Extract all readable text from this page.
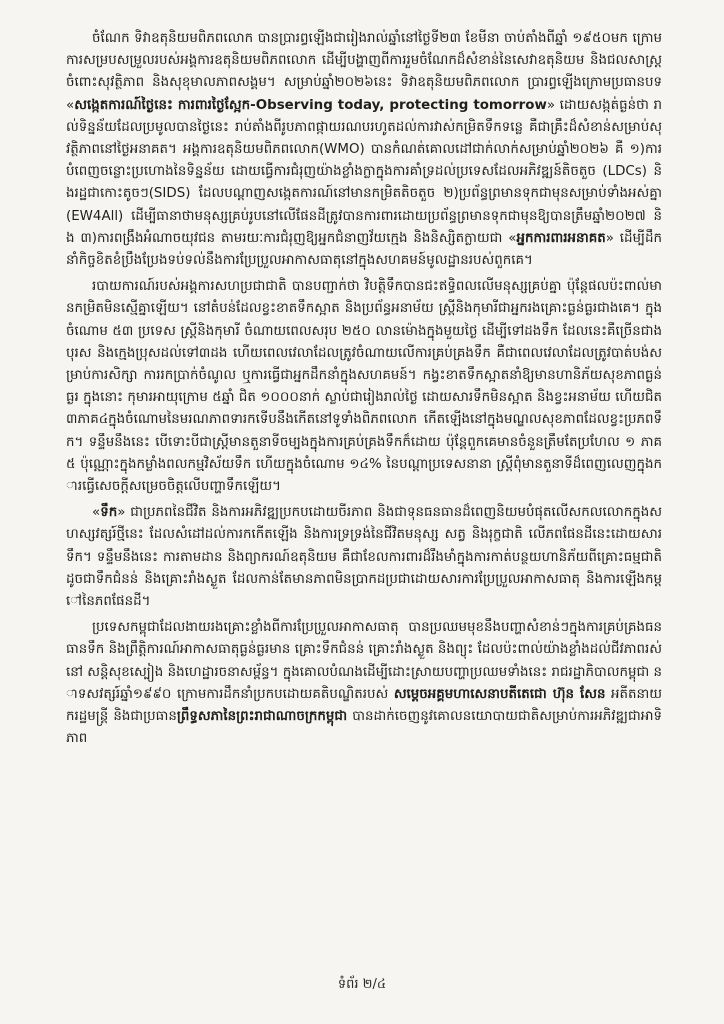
ចំណែក ទិវាឧតុនិយមពិភពលោក បានប្រារព្ធឡើងជារៀងរាល់ឆ្នាំនៅថ្ងៃទី២៣ ខែមីនា ចាប់តាំងពីឆ្នាំ ១៩៥០មក ក្រោមការសម្របសម្រួលរបស់អង្គការឧតុនិយមពិភពលោក ដើម្បីបង្ហាញពីការរួមចំណែកដ៏សំខាន់នៃសេវាឧតុនិយម និងជលសាស្ត្រ ចំពោះសុវត្ថិភាព និងសុខុមាលភាពសង្គម។ សម្រាប់ឆ្នាំ២០២៦នេះ ទិវាឧតុនិយមពិភពលោក ប្រារព្ធឡើងក្រោមប្រធានបទ «សង្កេតការណ៍ថ្ងៃនេះ ការពារថ្ងៃស្អែក-Observing today, protecting tomorrow» ដោយសង្កត់ធ្ងន់ថា រាល់ទិន្នន័យដែលប្រមូលបានថ្ងៃនេះ រាប់តាំងពីរូបភាពផ្កាយរណបរហូតដល់ការវាស់កម្រិតទឹកទន្លេ គឺជាគ្រឹះដ៏សំខាន់សម្រាប់សុវត្ថិភាពនៅថ្ងៃអនាគត។ អង្គការឧតុនិយមពិភពលោក(WMO) បានកំណត់គោលដៅជាក់លាក់សម្រាប់ឆ្នាំ២០២៦ គឺ ១)ការបំពេញចន្លោះប្រហោងនៃទិន្នន័យ ដោយធ្វើការជំរុញយ៉ាងខ្លាំងក្លាក្នុងការគាំទ្រដល់ប្រទេសដែលអភិវឌ្ឍន៍តិចតួច (LDCs) និងរដ្ឋជាកោះតូចៗ(SIDS) ដែលបណ្តាញសង្កេតការណ៍នៅមានកម្រិតតិចតួច ២)ប្រព័ន្ធព្រមានទុកជាមុនសម្រាប់ទាំងអស់គ្នា(EW4All) ដើម្បីធានាថាមនុស្សគ្រប់រូបនៅលើផែនដីត្រូវបានការពារដោយប្រព័ន្ធព្រមានទុកជាមុនឱ្យបានត្រឹមឆ្នាំ២០២៧ និង ៣)ការពង្រឹងអំណាចយុវជន តាមរយៈការជំរុញឱ្យអ្នកជំនាញវ័យក្មេង និងនិស្សិតក្លាយជា «អ្នកការពារអនាគត» ដើម្បីដឹកនាំកិច្ចខិតខំប្រឹងប្រែងទប់ទល់នឹងការប្រែប្រួលអាកាសធាតុនៅក្នុងសហគមន៍មូលដ្ឋានរបស់ពួកគេ។

របាយការណ៍របស់អង្គការសហប្រជាជាតិ បានបញ្ជាក់ថា វិបត្តិទឹកបានជះឥទ្ធិពលលើមនុស្សគ្រប់គ្នា ប៉ុន្តែផលប៉ះពាល់មានកម្រិតមិនស្មើគ្នាឡើយ។ នៅតំបន់ដែលខ្វះខាតទឹកស្អាត និងប្រព័ន្ធអនាម័យ ស្ត្រីនិងកុមារីជាអ្នករងគ្រោះធ្ងន់ធ្ងរជាងគេ។ ក្នុងចំណោម ៥៣ ប្រទេស ស្ត្រីនិងកុមារី ចំណាយពេលសរុប ២៥០ លានម៉ោងក្នុងមួយថ្ងៃ ដើម្បីទៅដងទឹក ដែលនេះគឺច្រើនជាងបុរស និងក្មេងប្រុសដល់ទៅ៣ដង ហើយពេលវេលាដែលត្រូវចំណាយលើការគ្រប់គ្រងទឹក គឺជាពេលវេលាដែលត្រូវបាត់បង់សម្រាប់ការសិក្សា ការរកប្រាក់ចំណូល ឬការធ្វើជាអ្នកដឹកនាំក្នុងសហគមន៍។ កង្វះខាតទឹកស្អាតនាំឱ្យមានហានិភ័យសុខភាពធ្ងន់ធ្ងរ ក្នុងនោះ កុមារអាយុក្រោម ៥ឆ្នាំ ជិត ១០០០នាក់ ស្លាប់ជារៀងរាល់ថ្ងៃ ដោយសារទឹកមិនស្អាត និងខ្វះអនាម័យ ហើយជិត ៣ភាគ៤ក្នុងចំណោមនៃមរណភាពទារកទើបនឹងកើតនៅទូទាំងពិភពលោក កើតឡើងនៅក្នុងមណ្ឌលសុខភាពដែលខ្វះប្រភពទឹក។ ទន្ទឹមនឹងនេះ បើទោះបីជាស្ត្រីមានតួនាទីចម្បងក្នុងការគ្រប់គ្រងទឹកក៏ដោយ ប៉ុន្តែពួកគេមានចំនួនត្រឹមតែប្រហែល ១ ភាគ ៥ ប៉ុណ្ណោះក្នុងកម្លាំងពលកម្មវិស័យទឹក ហើយក្នុងចំណោម ១៤% នៃបណ្តាប្រទេសនានា ស្ត្រីពុំមានតួនាទីដ៏ពេញលេញក្នុងការធ្វើសេចក្តីសម្រេចចិត្តលើបញ្ហាទឹកឡើយ។

«ទឹក» ជាប្រភពនៃជីវិត និងការអភិវឌ្ឍប្រកបដោយចីរភាព និងជាទុនធនធានដ៏ពេញនិយមបំផុតលើសកលលោកក្នុងសហស្សវត្សរ៍ថ្មីនេះ ដែលសំដៅដល់ការកកើតឡើង និងការទ្រទ្រង់នៃជីវិតមនុស្ស សត្វ និងរុក្ខជាតិ លើភពផែនដីនេះដោយសារទឹក។ ទន្ទឹមនឹងនេះ ការតាមដាន និងព្យាករណ៍ឧតុនិយម គឺជាខែលការពារដ៏រឹងមាំក្នុងការកាត់បន្ថយហានិភ័យពីគ្រោះធម្មជាតិ ដូចជាទឹកជំនន់ និងគ្រោះរាំងស្ងួត ដែលកាន់តែមានភាពមិនប្រាកដប្រជាដោយសារការប្រែប្រួលអាកាសធាតុ និងការឡើងកម្តៅនៃភពផែនដី។

ប្រទេសកម្ពុជាដែលងាយរងគ្រោះខ្លាំងពីការប្រែប្រួលអាកាសធាតុ បានប្រឈមមុខនឹងបញ្ហាសំខាន់ៗក្នុងការគ្រប់គ្រងធនធានទឹក និងព្រឹត្តិការណ៍អាកាសធាតុធ្ងន់ធ្ងរមាន គ្រោះទឹកជំនន់ គ្រោះរាំងស្ងួត និងព្យុះ ដែលប៉ះពាល់យ៉ាងខ្លាំងដល់ជីវភាពរស់នៅ សន្តិសុខស្បៀង និងហេដ្ឋារចនាសម្ព័ន្ធ។ ក្នុងគោលបំណងដើម្បីដោះស្រាយបញ្ហាប្រឈមទាំងនេះ រាជរដ្ឋាភិបាលកម្ពុជា នាទសវត្សរ៍ឆ្នាំ១៩៩០ ក្រោមការដឹកនាំប្រកបដោយគតិបណ្ឌិតរបស់ សម្តេចអគ្គមហាសេនាបតីតេជោ ហ៊ុន សែន អតីតនាយករដ្ឋមន្ត្រី និងជាប្រធានព្រឹទ្ធសភានៃព្រះរាជាណាចក្រកម្ពុជា បានដាក់ចេញនូវគោលនយោបាយជាតិសម្រាប់ការអភិវឌ្ឍជាអាទិភាព

ទំព័រ ២/៤
